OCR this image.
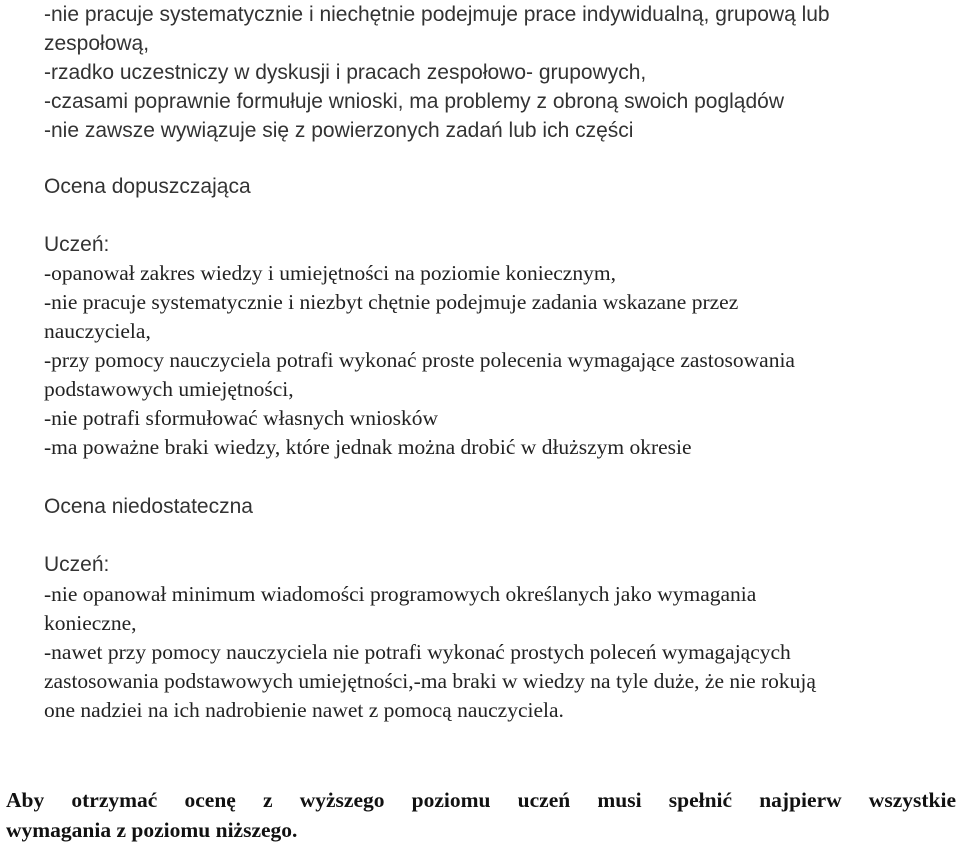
-nie pracuje systematycznie i niechętnie podejmuje prace indywidualną, grupową lub
zespołową,
-rzadko uczestniczy w dyskusji i pracach zespołowo- grupowych,
-czasami poprawnie formułuje wnioski, ma problemy z obroną swoich poglądów
-nie zawsze wywiązuje się z powierzonych zadań lub ich części
Ocena dopuszczająca
Uczeń:
-opanował zakres wiedzy i umiejętności na poziomie koniecznym,
-nie pracuje systematycznie i niezbyt chętnie podejmuje zadania wskazane przez
nauczyciela,
-przy pomocy nauczyciela potrafi wykonać proste polecenia wymagające zastosowania
podstawowych umiejętności,
-nie potrafi sformułować własnych wniosków
-ma poważne braki wiedzy, które jednak można drobić w dłuższym okresie
Ocena niedostateczna
Uczeń:
-nie opanował minimum wiadomości programowych określanych jako wymagania
konieczne,
-nawet przy pomocy nauczyciela nie potrafi wykonać prostych poleceń wymagających
zastosowania podstawowych umiejętności,-ma braki w wiedzy na tyle duże, że nie rokują
one nadziei na ich nadrobienie nawet z pomocą nauczyciela.

Aby otrzymać ocenę z wyższego poziomu uczeń musi spełnić najpierw wszystkie
wymagania z poziomu niższego.
